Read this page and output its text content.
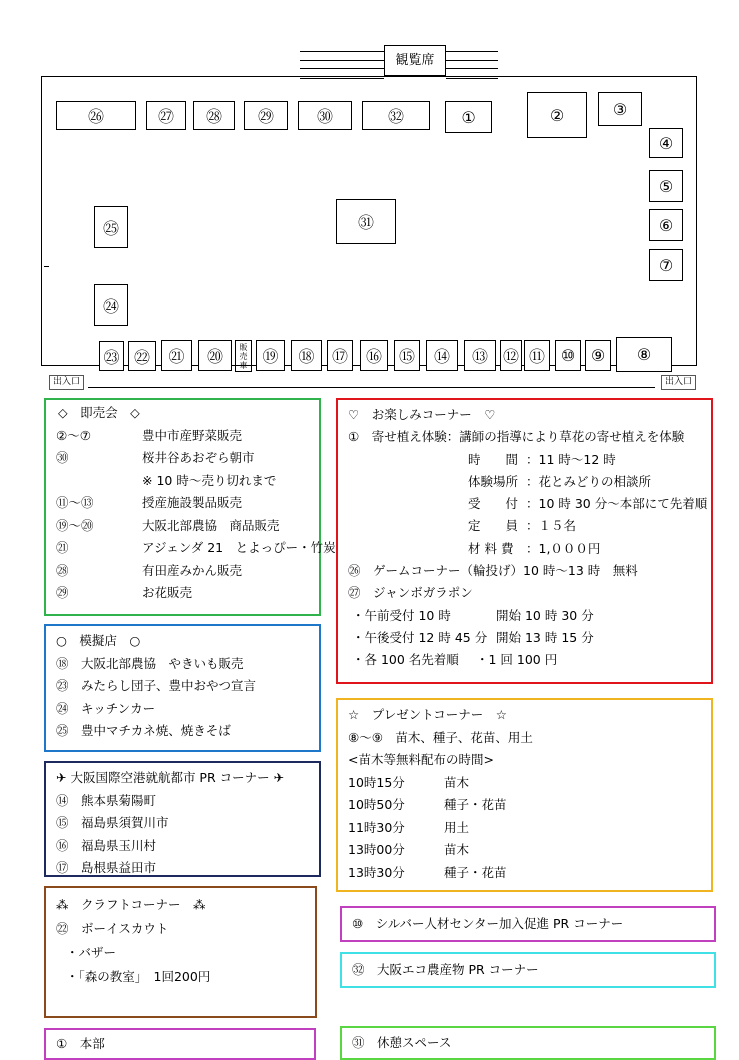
観覧席
出入口	出入口
㉖	㉗	㉘	㉙	㉚	㉜	①	②	③
④
⑤
⑥
⑦
㉛
㉕
㉔
㉓ ㉒	㉑	⑳	販
売
車 ⑲	⑱	⑰	⑯	⑮	⑭	⑬ ⑫ ⑪ ⑩ ⑨	⑧
◇　即売会　◇
②～⑦	豊中市産野菜販売
㉚	桜井谷あおぞら朝市
※ 10 時～売り切れまで
⑪～⑬	授産施設製品販売
⑲～⑳	大阪北部農協　商品販売
㉑	アジェンダ 21　とよっぴー・竹炭
㉘	有田産みかん販売
㉙	お花販売
○　模擬店　○
⑱　大阪北部農協　やきいも販売
㉓　みたらし団子、豊中おやつ宣言
㉔　キッチンカー
㉕　豊中マチカネ焼、焼きそば
✈ 大阪国際空港就航都市 PR コーナー ✈
⑭　熊本県菊陽町
⑮　福島県須賀川市
⑯　福島県玉川村
⑰　島根県益田市
⁂　クラフトコーナー　⁂
㉒　ボーイスカウト
・バザー
・「森の教室」　1回200円
①　本部
♡　お楽しみコーナー　♡
①　寄せ植え体験：講師の指導により草花の寄せ植えを体験
時　　間 ：11 時～12 時
体験場所 ：花とみどりの相談所
受　　付 ：10 時 30 分～本部にて先着順
定　　員 ：１５名
材 料 費	：1,０００円
㉖　ゲームコーナー（輪投げ）10 時～13 時　無料
㉗　ジャンボガラポン
・午前受付 10 時	開始 10 時 30 分
・午後受付 12 時 45 分 開始 13 時 15 分
・各 100 名先着順	・1 回 100 円
☆　プレゼントコーナー　☆
⑧～⑨　苗木、種子、花苗、用土
<苗木等無料配布の時間>
10時15分	苗木
10時50分	種子・花苗
11時30分	用土
13時00分	苗木
13時30分	種子・花苗
⑩　シルバー人材センター加入促進 PR コーナー
㉜　大阪エコ農産物 PR コーナー
㉛　休憩スペース
